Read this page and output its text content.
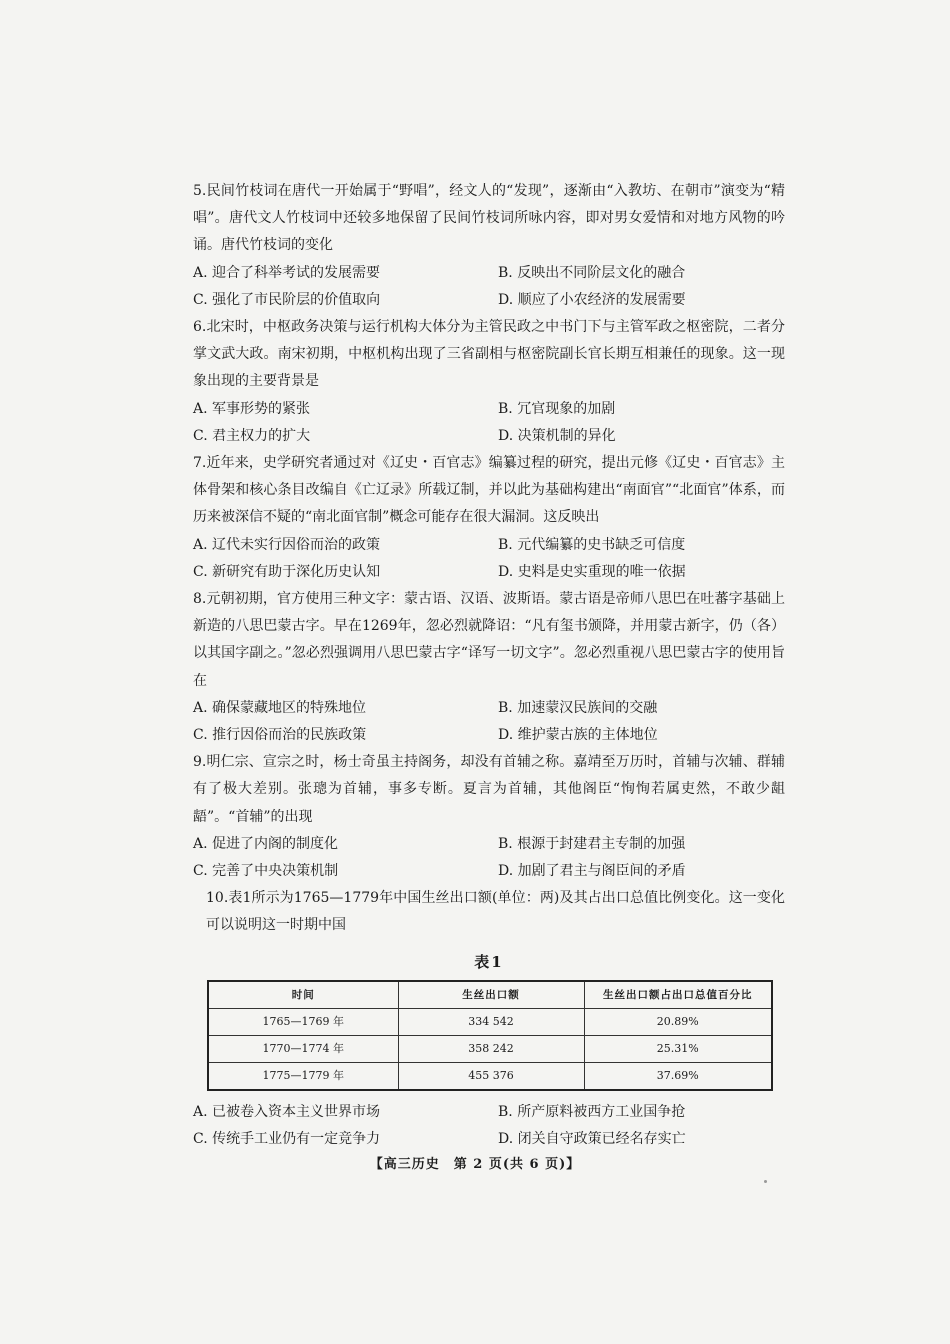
5.民间竹枝词在唐代一开始属于“野唱”，经文人的“发现”，逐渐由“入教坊、在朝市”演变为“精唱”。唐代文人竹枝词中还较多地保留了民间竹枝词所咏内容，即对男女爱情和对地方风物的吟诵。唐代竹枝词的变化
A. 迎合了科举考试的发展需要	B. 反映出不同阶层文化的融合
C. 强化了市民阶层的价值取向	D. 顺应了小农经济的发展需要
6.北宋时，中枢政务决策与运行机构大体分为主管民政之中书门下与主管军政之枢密院，二者分掌文武大政。南宋初期，中枢机构出现了三省副相与枢密院副长官长期互相兼任的现象。这一现象出现的主要背景是
A. 军事形势的紧张	B. 冗官现象的加剧
C. 君主权力的扩大	D. 决策机制的异化
7.近年来，史学研究者通过对《辽史・百官志》编纂过程的研究，提出元修《辽史・百官志》主体骨架和核心条目改编自《亡辽录》所载辽制，并以此为基础构建出“南面官”“北面官”体系，而历来被深信不疑的“南北面官制”概念可能存在很大漏洞。这反映出
A. 辽代未实行因俗而治的政策	B. 元代编纂的史书缺乏可信度
C. 新研究有助于深化历史认知	D. 史料是史实重现的唯一依据
8.元朝初期，官方使用三种文字：蒙古语、汉语、波斯语。蒙古语是帝师八思巴在吐蕃字基础上新造的八思巴蒙古字。早在1269年，忽必烈就降诏：“凡有玺书颁降，并用蒙古新字，仍（各）以其国字副之。”忽必烈强调用八思巴蒙古字“译写一切文字”。忽必烈重视八思巴蒙古字的使用旨在
A. 确保蒙藏地区的特殊地位	B. 加速蒙汉民族间的交融
C. 推行因俗而治的民族政策	D. 维护蒙古族的主体地位
9.明仁宗、宣宗之时，杨士奇虽主持阁务，却没有首辅之称。嘉靖至万历时，首辅与次辅、群辅有了极大差别。张璁为首辅，事多专断。夏言为首辅，其他阁臣“恂恂若属吏然，不敢少龃龉”。“首辅”的出现
A. 促进了内阁的制度化	B. 根源于封建君主专制的加强
C. 完善了中央决策机制	D. 加剧了君主与阁臣间的矛盾
10.表1所示为1765—1779年中国生丝出口额(单位：两)及其占出口总值比例变化。这一变化可以说明这一时期中国
表1
时间	生丝出口额	生丝出口额占出口总值百分比
1765—1769 年	334 542	20.89%
1770—1774 年	358 242	25.31%
1775—1779 年	455 376	37.69%
A. 已被卷入资本主义世界市场	B. 所产原料被西方工业国争抢
C. 传统手工业仍有一定竞争力	D. 闭关自守政策已经名存实亡
【高三历史　第 2 页(共 6 页)】
